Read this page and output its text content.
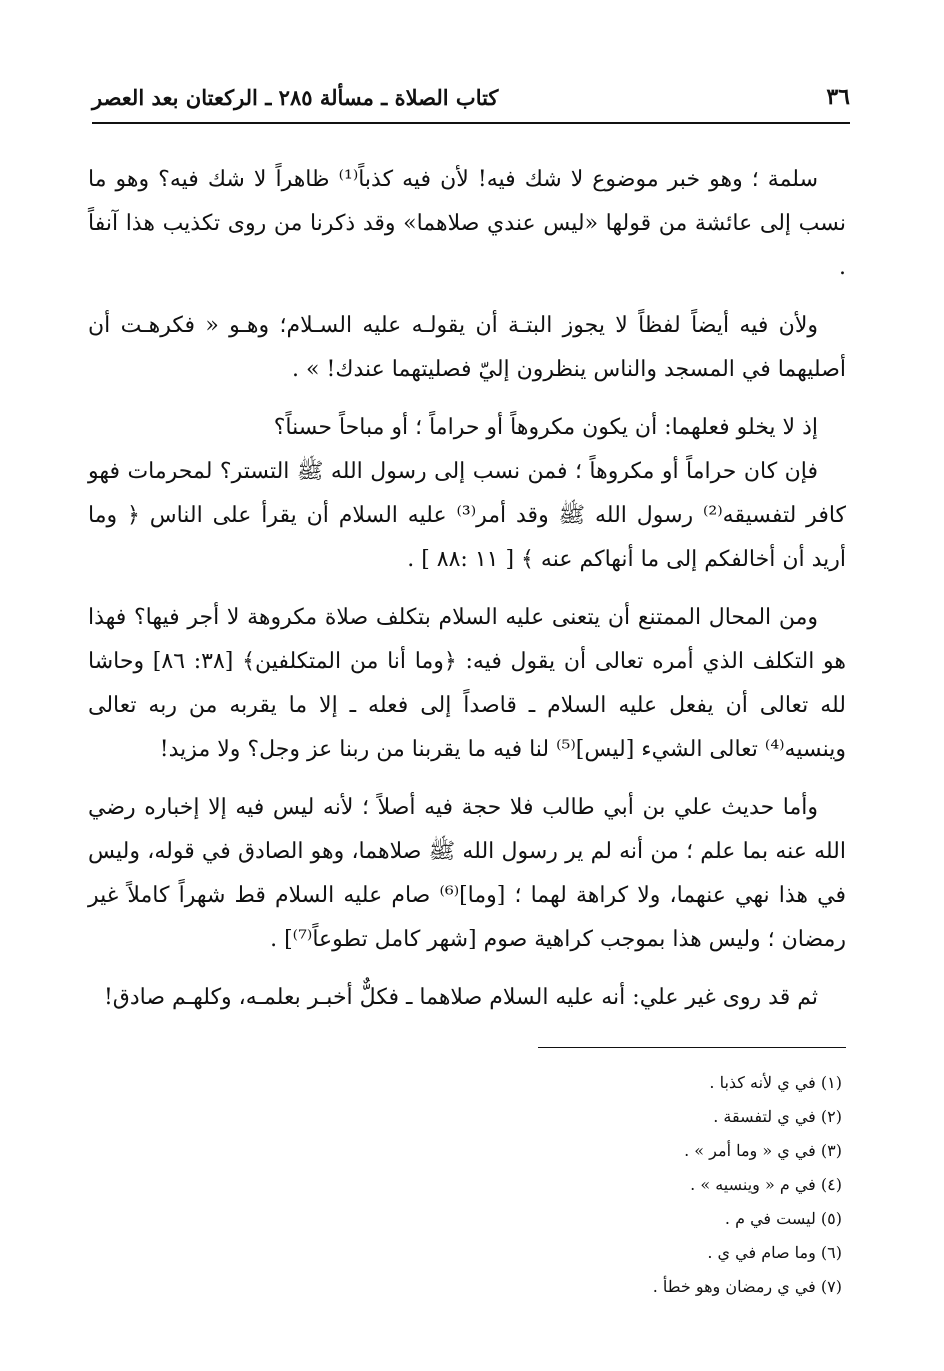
٣٦
كتاب الصلاة ـ مسألة ٢٨٥ ـ الركعتان بعد العصر

سلمة ؛ وهو خبر موضوع لا شك فيه! لأن فيه كذباً⁽¹⁾ ظاهراً لا شك فيه؟ وهو ما نسب إلى عائشة من قولها «ليس عندي صلاهما» وقد ذكرنا من روى تكذيب هذا آنفاً .

ولأن فيه أيضاً لفظاً لا يجوز البتـة أن يقولـه عليه السـلام؛ وهـو « فكرهـت أن أصليهما في المسجد والناس ينظرون إليّ فصليتهما عندك! » .

إذ لا يخلو فعلهما: أن يكون مكروهاً أو حراماً ؛ أو مباحاً حسناً؟

فإن كان حراماً أو مكروهاً ؛ فمن نسب إلى رسول الله ﷺ التستر؟ لمحرمات فهو كافر لتفسيقه⁽²⁾ رسول الله ﷺ وقد أمر⁽³⁾ عليه السلام أن يقرأ على الناس ﴿ وما أريد أن أخالفكم إلى ما أنهاكم عنه ﴾ [ ١١ :٨٨ ] .

ومن المحال الممتنع أن يتعنى عليه السلام بتكلف صلاة مكروهة لا أجر فيها؟ فهذا هو التكلف الذي أمره تعالى أن يقول فيه: ﴿وما أنا من المتكلفين﴾ [٣٨: ٨٦] وحاشا لله تعالى أن يفعل عليه السلام ـ قاصداً إلى فعله ـ إلا ما يقربه من ربه تعالى وينسيه⁽⁴⁾ تعالى الشيء [ليس]⁽⁵⁾ لنا فيه ما يقربنا من ربنا عز وجل؟ ولا مزيد!

وأما حديث علي بن أبي طالب فلا حجة فيه أصلاً ؛ لأنه ليس فيه إلا إخباره رضي الله عنه بما علم ؛ من أنه لم ير رسول الله ﷺ صلاهما، وهو الصادق في قوله، وليس في هذا نهي عنهما، ولا كراهة لهما ؛ [وما]⁽⁶⁾ صام عليه السلام قط شهراً كاملاً غير رمضان ؛ وليس هذا بموجب كراهية صوم [شهر كامل تطوعاً⁽⁷⁾] .

ثم قد روى غير علي: أنه عليه السلام صلاهما ـ فكلٌّ أخبـر بعلمـه، وكلهـم صادق!

(١) في ي لأنه كذبا .
(٢) في ي لتفسقة .
(٣) في ي « وما أمر » .
(٤) في م « وينسيه » .
(٥) ليست في م .
(٦) وما صام في ي .
(٧) في ي رمضان وهو خطأ .
